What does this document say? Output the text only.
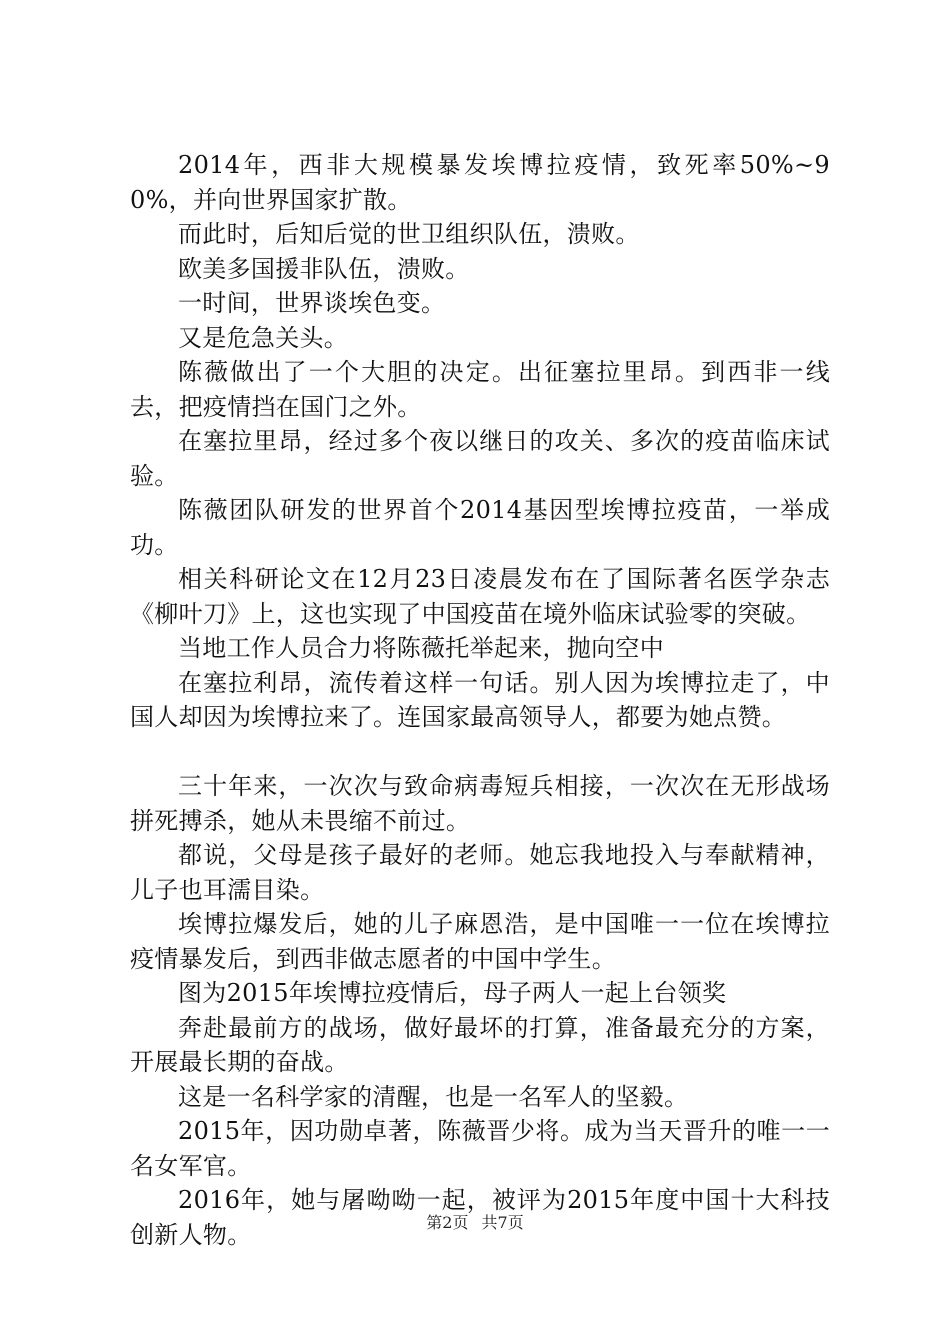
2014年，西非大规模暴发埃博拉疫情，致死率50%~90%，并向世界国家扩散。

而此时，后知后觉的世卫组织队伍，溃败。

欧美多国援非队伍，溃败。

一时间，世界谈埃色变。

又是危急关头。

陈薇做出了一个大胆的决定。出征塞拉里昂。到西非一线去，把疫情挡在国门之外。

在塞拉里昂，经过多个夜以继日的攻关、多次的疫苗临床试验。

陈薇团队研发的世界首个2014基因型埃博拉疫苗，一举成功。

相关科研论文在12月23日凌晨发布在了国际著名医学杂志《柳叶刀》上，这也实现了中国疫苗在境外临床试验零的突破。

当地工作人员合力将陈薇托举起来，抛向空中

在塞拉利昂，流传着这样一句话。别人因为埃博拉走了，中国人却因为埃博拉来了。连国家最高领导人，都要为她点赞。

三十年来，一次次与致命病毒短兵相接，一次次在无形战场拼死搏杀，她从未畏缩不前过。

都说，父母是孩子最好的老师。她忘我地投入与奉献精神，儿子也耳濡目染。

埃博拉爆发后，她的儿子麻恩浩，是中国唯一一位在埃博拉疫情暴发后，到西非做志愿者的中国中学生。

图为2015年埃博拉疫情后，母子两人一起上台领奖

奔赴最前方的战场，做好最坏的打算，准备最充分的方案，开展最长期的奋战。

这是一名科学家的清醒，也是一名军人的坚毅。

2015年，因功勋卓著，陈薇晋少将。成为当天晋升的唯一一名女军官。

2016年，她与屠呦呦一起，被评为2015年度中国十大科技创新人物。	第2页 共7页
